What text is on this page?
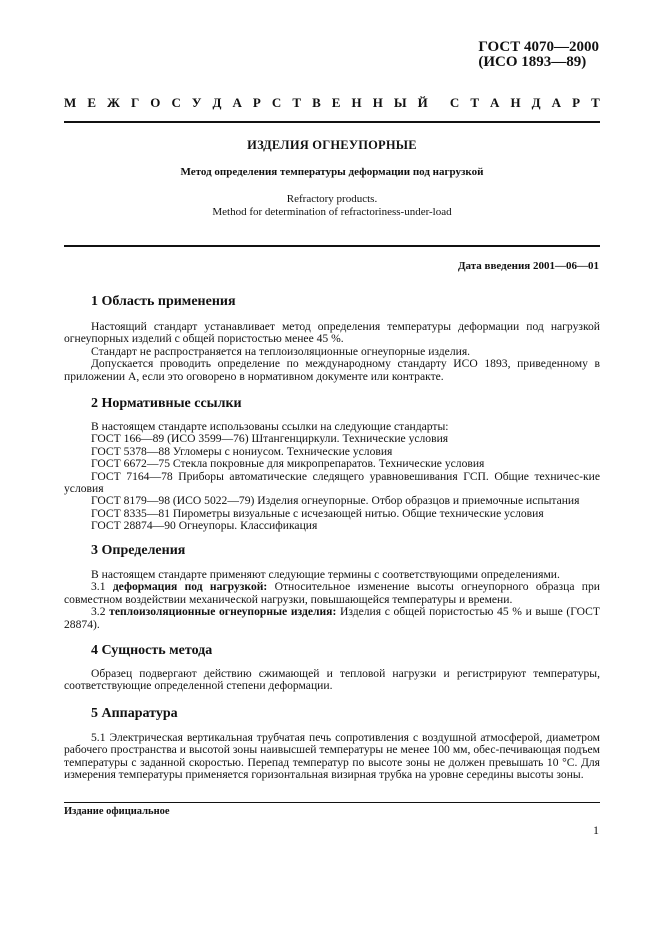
ГОСТ 4070—2000
(ИСО 1893—89)
М Е Ж Г О С У Д А Р С Т В Е Н Н Ы Й С Т А Н Д А Р Т
ИЗДЕЛИЯ ОГНЕУПОРНЫЕ
Метод определения температуры деформации под нагрузкой
Refractory products.
Method for determination of refractoriness-under-load
Дата введения 2001—06—01
1 Область применения

Настоящий стандарт устанавливает метод определения температуры деформации под нагрузкой огнеупорных изделий с общей пористостью менее 45 %.

Стандарт не распространяется на теплоизоляционные огнеупорные изделия.

Допускается проводить определение по международному стандарту ИСО 1893, приведенному в приложении А, если это оговорено в нормативном документе или контракте.

2 Нормативные ссылки

В настоящем стандарте использованы ссылки на следующие стандарты:

ГОСТ 166—89 (ИСО 3599—76) Штангенциркули. Технические условия

ГОСТ 5378—88 Угломеры с нониусом. Технические условия

ГОСТ 6672—75 Стекла покровные для микропрепаратов. Технические условия

ГОСТ 7164—78 Приборы автоматические следящего уравновешивания ГСП. Общие техничес-кие условия

ГОСТ 8179—98 (ИСО 5022—79) Изделия огнеупорные. Отбор образцов и приемочные испытания

ГОСТ 8335—81 Пирометры визуальные с исчезающей нитью. Общие технические условия

ГОСТ 28874—90 Огнеупоры. Классификация

3 Определения

В настоящем стандарте применяют следующие термины с соответствующими определениями.

3.1 деформация под нагрузкой: Относительное изменение высоты огнеупорного образца при совместном воздействии механической нагрузки, повышающейся температуры и времени.

3.2 теплоизоляционные огнеупорные изделия: Изделия с общей пористостью 45 % и выше (ГОСТ 28874).

4 Сущность метода

Образец подвергают действию сжимающей и тепловой нагрузки и регистрируют температуры, соответствующие определенной степени деформации.

5 Аппаратура

5.1 Электрическая вертикальная трубчатая печь сопротивления с воздушной атмосферой, диаметром рабочего пространства и высотой зоны наивысшей температуры не менее 100 мм, обес-печивающая подъем температуры с заданной скоростью. Перепад температур по высоте зоны не должен превышать 10 °С. Для измерения температуры применяется горизонтальная визирная трубка на уровне середины высоты зоны.

Издание официальное
1
